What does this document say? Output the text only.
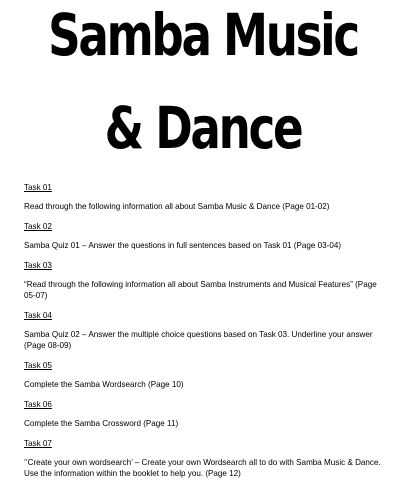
Samba Music
& Dance
Task 01
Read through the following information all about Samba Music & Dance (Page 01-02)
Task 02
Samba Quiz 01 – Answer the questions in full sentences based on Task 01 (Page 03-04)
Task 03
“Read through the following information all about Samba Instruments and Musical Features” (Page 05-07)
Task 04
Samba Quiz 02 – Answer the multiple choice questions based on Task 03. Underline your answer (Page 08-09)
Task 05
Complete the Samba Wordsearch (Page 10)
Task 06
Complete the Samba Crossword (Page 11)
Task 07
‘’Create your own wordsearch’ – Create your own Wordsearch all to do with Samba Music & Dance. Use the information within the booklet to help you. (Page 12)
